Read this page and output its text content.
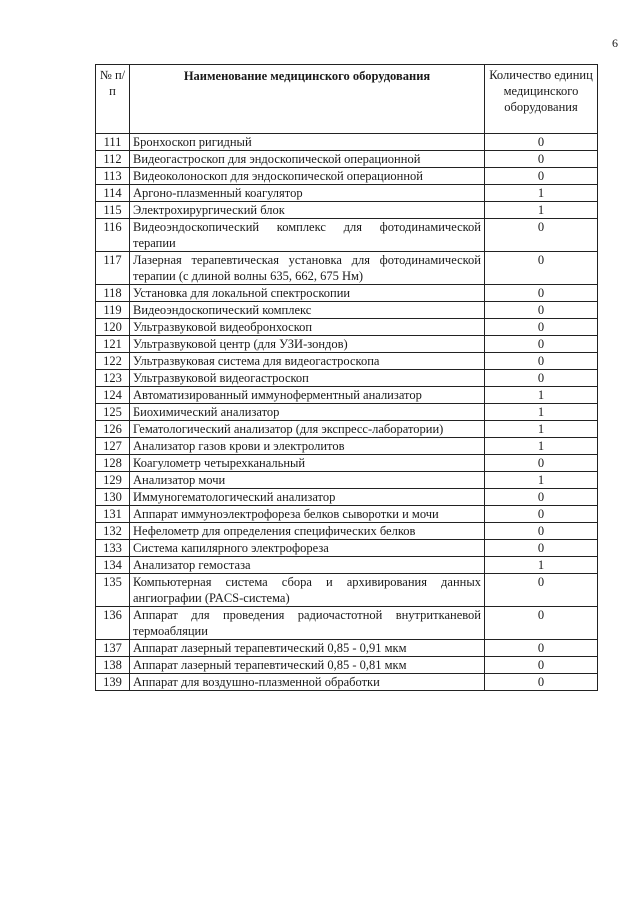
6
№ п/п	Наименование медицинского оборудования	Количество единиц медицинского оборудования
111	Бронхоскоп ригидный	0
112	Видеогастроскоп для эндоскопической операционной	0
113	Видеоколоноскоп для эндоскопической операционной	0
114	Аргоно-плазменный коагулятор	1
115	Электрохирургический блок	1
116	Видеоэндоскопический комплекс для фотодинамической терапии	0
117	Лазерная терапевтическая установка для фотодинамической терапии (с длиной волны 635, 662, 675 Нм)	0
118	Установка для локальной спектроскопии	0
119	Видеоэндоскопический комплекс	0
120	Ультразвуковой видеобронхоскоп	0
121	Ультразвуковой центр (для УЗИ-зондов)	0
122	Ультразвуковая система для видеогастроскопа	0
123	Ультразвуковой видеогастроскоп	0
124	Автоматизированный иммуноферментный анализатор	1
125	Биохимический анализатор	1
126	Гематологический анализатор (для экспресс-лаборатории)	1
127	Анализатор газов крови и электролитов	1
128	Коагулометр четырехканальный	0
129	Анализатор мочи	1
130	Иммуногематологический анализатор	0
131	Аппарат иммуноэлектрофореза белков сыворотки и мочи	0
132	Нефелометр для определения специфических белков	0
133	Система капилярного электрофореза	0
134	Анализатор гемостаза	1
135	Компьютерная система сбора и архивирования данных ангиографии (PACS-система)	0
136	Аппарат для проведения радиочастотной внутритканевой термоабляции	0
137	Аппарат лазерный терапевтический 0,85 - 0,91 мкм	0
138	Аппарат лазерный терапевтический 0,85 - 0,81 мкм	0
139	Аппарат для воздушно-плазменной обработки	0
